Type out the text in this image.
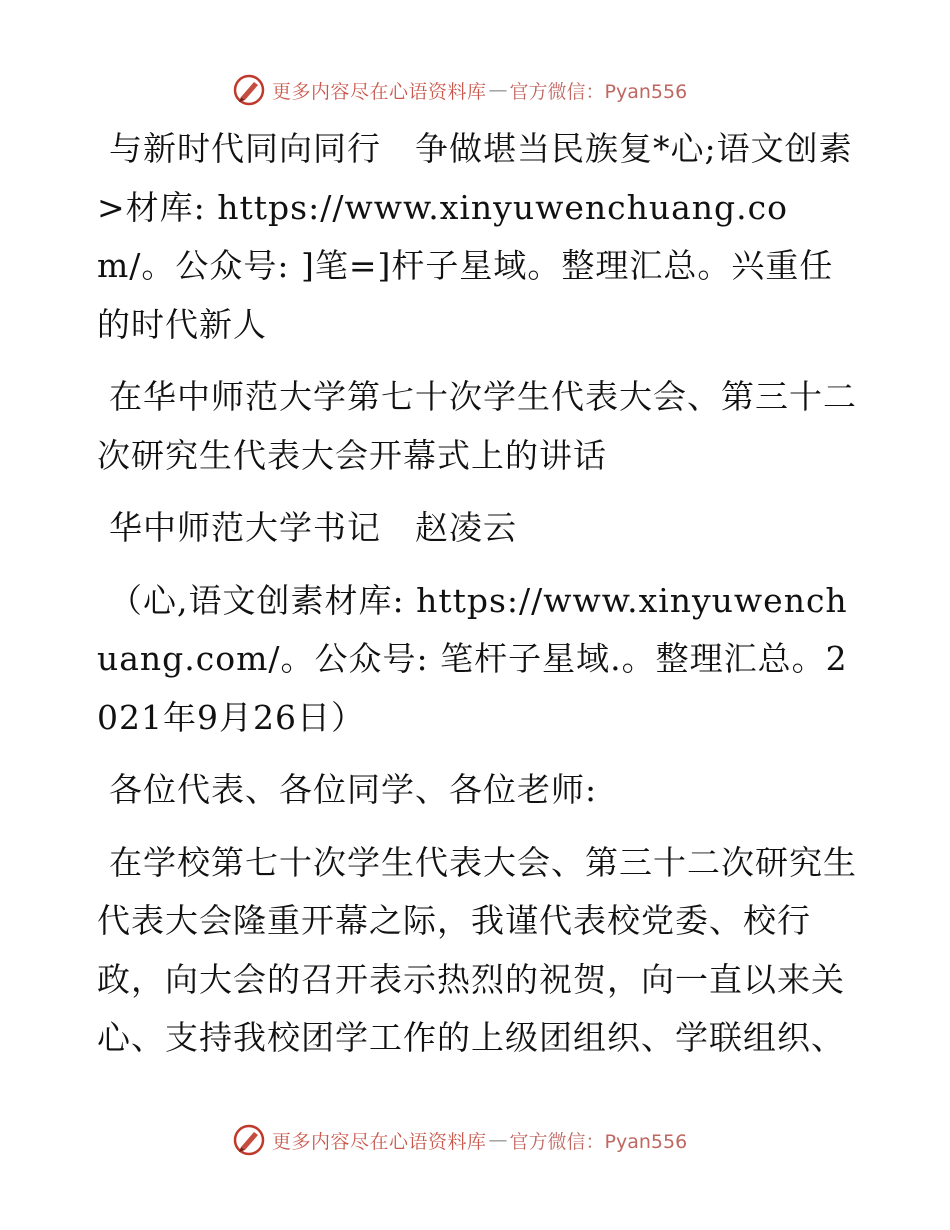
更多内容尽在心语资料库 — 官方微信：Pyan556

与新时代同向同行　争做堪当民族复*心;语文创素>材库: https://www.xinyuwenchuang.com/。公众号: ]笔=]杆子星域。整理汇总。兴重任的时代新人

在华中师范大学第七十次学生代表大会、第三十二次研究生代表大会开幕式上的讲话

华中师范大学书记　赵凌云

（心,语文创素材库: https://www.xinyuwenchuang.com/。公众号: 笔杆子星域.。整理汇总。2021年9月26日）

各位代表、各位同学、各位老师:

在学校第七十次学生代表大会、第三十二次研究生代表大会隆重开幕之际，我谨代表校党委、校行政，向大会的召开表示热烈的祝贺，向一直以来关心、支持我校团学工作的上级团组织、学联组织、

更多内容尽在心语资料库 — 官方微信：Pyan556
